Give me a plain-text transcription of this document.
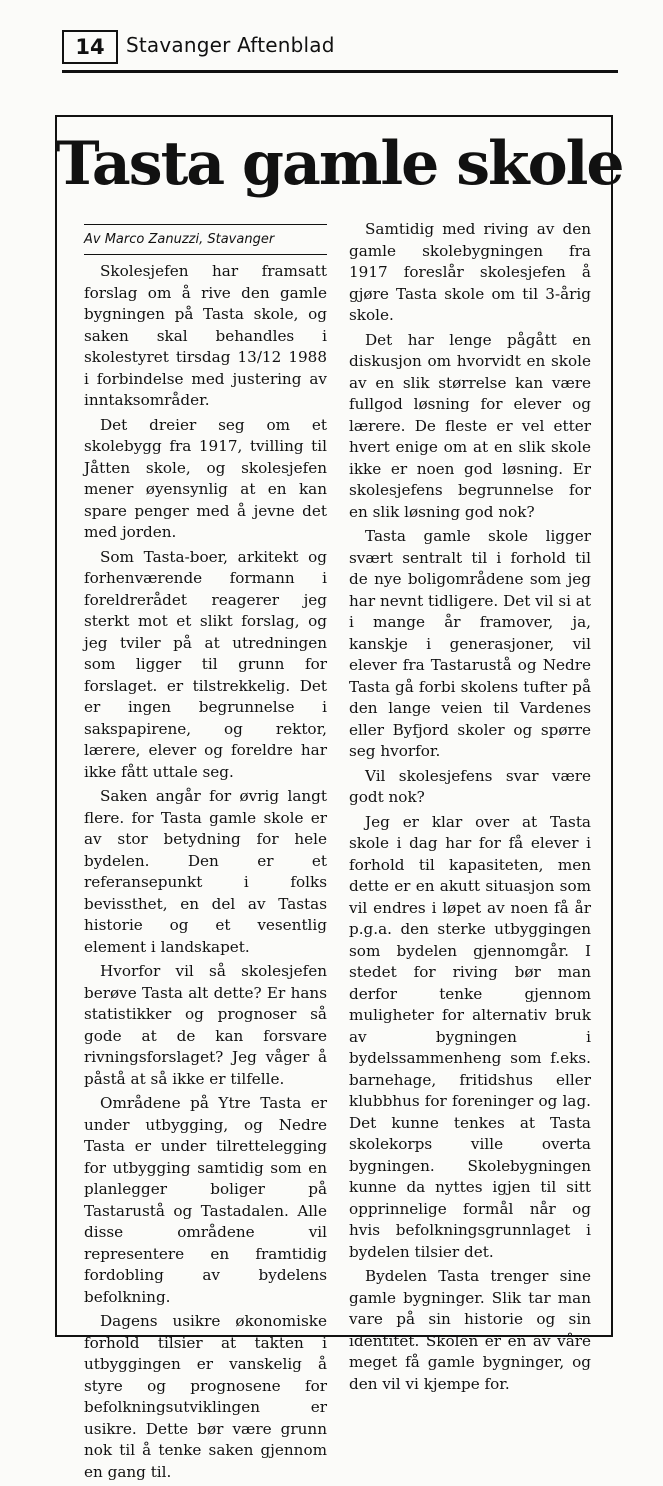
14	Stavanger Aftenblad
Tasta gamle skole
Av Marco Zanuzzi, Stavanger

Skolesjefen har framsatt forslag om å rive den gamle bygningen på Tasta skole, og saken skal behandles i skolestyret tirsdag 13/12 1988 i forbindelse med justering av inntaksområder.

Det dreier seg om et skolebygg fra 1917, tvilling til Jåtten skole, og skolesjefen mener øyensynlig at en kan spare penger med å jevne det med jorden.

Som Tasta-boer, arkitekt og forhenværende formann i foreldrerådet reagerer jeg sterkt mot et slikt forslag, og jeg tviler på at utredningen som ligger til grunn for forslaget. er tilstrekkelig. Det er ingen begrunnelse i sakspapirene, og rektor, lærere, elever og foreldre har ikke fått uttale seg.

Saken angår for øvrig langt flere. for Tasta gamle skole er av stor betydning for hele bydelen. Den er et referansepunkt i folks bevissthet, en del av Tastas historie og et vesentlig element i landskapet.

Hvorfor vil så skolesjefen berøve Tasta alt dette? Er hans statistikker og prognoser så gode at de kan forsvare rivningsforslaget? Jeg våger å påstå at så ikke er tilfelle.

Områdene på Ytre Tasta er under utbygging, og Nedre Tasta er under tilrettelegging for utbygging samtidig som en planlegger boliger på Tastarustå og Tastadalen. Alle disse områdene vil representere en framtidig fordobling av bydelens befolkning.

Dagens usikre økonomiske forhold tilsier at takten i utbyggingen er vanskelig å styre og prognosene for befolkningsutviklingen er usikre. Dette bør være grunn nok til å tenke saken gjennom en gang til.

Samtidig med riving av den gamle skolebygningen fra 1917 foreslår skolesjefen å gjøre Tasta skole om til 3-årig skole.

Det har lenge pågått en diskusjon om hvorvidt en skole av en slik størrelse kan være fullgod løsning for elever og lærere. De fleste er vel etter hvert enige om at en slik skole ikke er noen god løsning. Er skolesjefens begrunnelse for en slik løsning god nok?

Tasta gamle skole ligger svært sentralt til i forhold til de nye boligområdene som jeg har nevnt tidligere. Det vil si at i mange år framover, ja, kanskje i generasjoner, vil elever fra Tastarustå og Nedre Tasta gå forbi skolens tufter på den lange veien til Vardenes eller Byfjord skoler og spørre seg hvorfor.

Vil skolesjefens svar være godt nok?

Jeg er klar over at Tasta skole i dag har for få elever i forhold til kapasiteten, men dette er en akutt situasjon som vil endres i løpet av noen få år p.g.a. den sterke utbyggingen som bydelen gjennomgår. I stedet for riving bør man derfor tenke gjennom muligheter for alternativ bruk av bygningen i bydelssammenheng som f.eks. barnehage, fritidshus eller klubbhus for foreninger og lag. Det kunne tenkes at Tasta skolekorps ville overta bygningen. Skolebygningen kunne da nyttes igjen til sitt opprinnelige formål når og hvis befolkningsgrunnlaget i bydelen tilsier det.

Bydelen Tasta trenger sine gamle bygninger. Slik tar man vare på sin historie og sin identitet. Skolen er en av våre meget få gamle bygninger, og den vil vi kjempe for.
